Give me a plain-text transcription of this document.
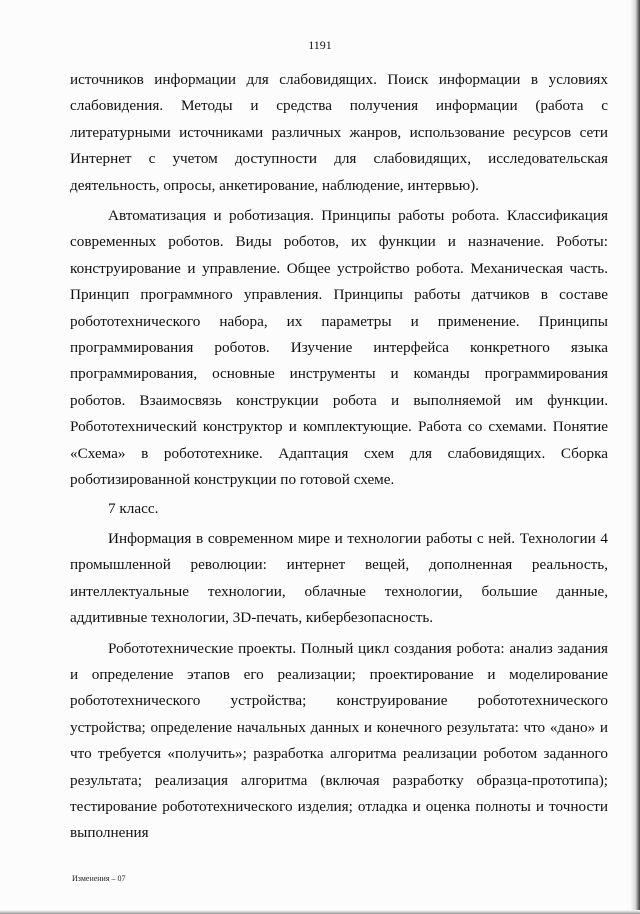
1191

источников информации для слабовидящих. Поиск информации в условиях слабовидения. Методы и средства получения информации (работа с литературными источниками различных жанров, использование ресурсов сети Интернет с учетом доступности для слабовидящих, исследовательская деятельность, опросы, анкетирование, наблюдение, интервью).

Автоматизация и роботизация. Принципы работы робота. Классификация современных роботов. Виды роботов, их функции и назначение. Роботы: конструирование и управление. Общее устройство робота. Механическая часть. Принцип программного управления. Принципы работы датчиков в составе робототехнического набора, их параметры и применение. Принципы программирования роботов. Изучение интерфейса конкретного языка программирования, основные инструменты и команды программирования роботов. Взаимосвязь конструкции робота и выполняемой им функции. Робототехнический конструктор и комплектующие. Работа со схемами. Понятие «Схема» в робототехнике. Адаптация схем для слабовидящих. Сборка роботизированной конструкции по готовой схеме.

7 класс.

Информация в современном мире и технологии работы с ней. Технологии 4 промышленной революции: интернет вещей, дополненная реальность, интеллектуальные технологии, облачные технологии, большие данные, аддитивные технологии, 3D-печать, кибербезопасность.

Робототехнические проекты. Полный цикл создания робота: анализ задания и определение этапов его реализации; проектирование и моделирование робототехнического устройства; конструирование робототехнического устройства; определение начальных данных и конечного результата: что «дано» и что требуется «получить»; разработка алгоритма реализации роботом заданного результата; реализация алгоритма (включая разработку образца-прототипа); тестирование робототехнического изделия; отладка и оценка полноты и точности выполнения

Изменения – 07
